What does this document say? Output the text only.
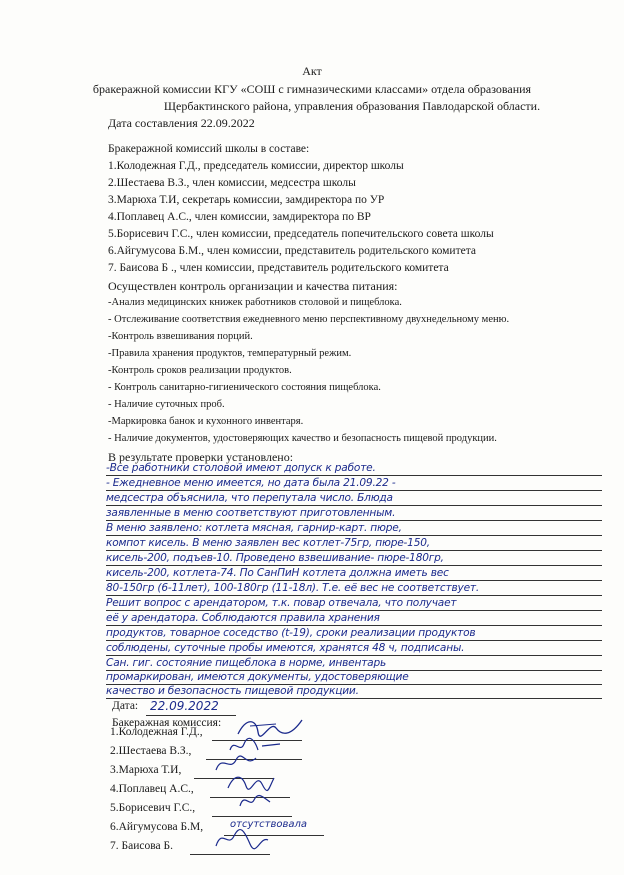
Акт
бракеражной комиссии КГУ «СОШ с гимназическими классами» отдела образования
Щербактинского района, управления образования Павлодарской области.
Дата составления 22.09.2022
Бракеражной комиссий школы в составе:
1.Колодежная Г.Д., председатель комиссии, директор школы
2.Шестаева В.З., член комиссии, медсестра школы
3.Марюха Т.И, секретарь комиссии, замдиректора по УР
4.Поплавец А.С., член комиссии, замдиректора по ВР
5.Борисевич Г.С., член комиссии, председатель попечительского совета школы
6.Айгумусова Б.М., член комиссии, представитель родительского комитета
7. Баисова Б ., член комиссии, представитель родительского комитета
Осуществлен контроль организации и качества питания:
-Анализ медицинских книжек работников столовой и пищеблока.
- Отслеживание соответствия ежедневного меню перспективному двухнедельному меню.
-Контроль взвешивания порций.
-Правила хранения продуктов, температурный режим.
-Контроль сроков реализации продуктов.
- Контроль санитарно-гигиенического состояния пищеблока.
- Наличие суточных проб.
-Маркировка банок и кухонного инвентаря.
- Наличие документов, удостоверяющих качество и безопасность пищевой продукции.
В результате проверки установлено:
-Все работники столовой имеют допуск к работе.
- Ежедневное меню имеется, но дата была 21.09.22 -
медсестра объяснила, что перепутала число. Блюда
заявленные в меню соответствуют приготовленным.
В меню заявлено: котлета мясная, гарнир-карт. пюре,
компот кисель. В меню заявлен вес котлет-75гр, пюре-150,
кисель-200, подъев-10. Проведено взвешивание- пюре-180гр,
кисель-200, котлета-74. По СанПиН котлета должна иметь вес
80-150гр (6-11лет), 100-180гр (11-18л). Т.е. её вес не соответствует.
Решит вопрос с арендатором, т.к. повар отвечала, что получает
её у арендатора. Соблюдаются правила хранения
продуктов, товарное соседство (t-19), сроки реализации продуктов
соблюдены, суточные пробы имеются, хранятся 48 ч, подписаны.
Сан. гиг. состояние пищеблока в норме, инвентарь
Дата: 22.09.2022
Бакеражная комиссия:
1.Колодежная Г.Д.,
2.Шестаева В.З.,
3.Марюха Т.И,
4.Поплавец А.С.,
5.Борисевич Г.С.,
6.Айгумусова Б.М,	отсутствовала
7. Баисова Б.
промаркирован, имеются документы, удостоверяющие
качество и безопасность пищевой продукции.
